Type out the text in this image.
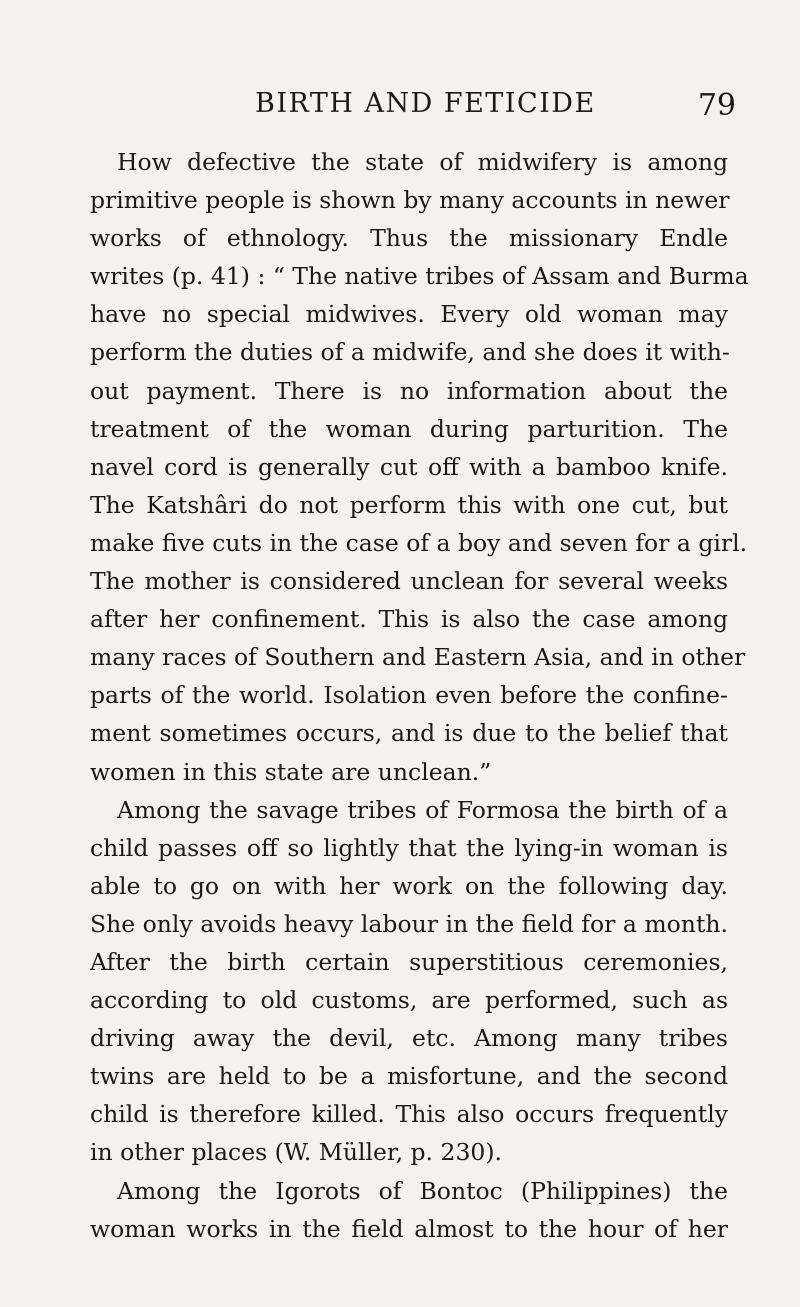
BIRTH AND FETICIDE	79
How defective the state of midwifery is among
primitive people is shown by many accounts in newer
works of ethnology. Thus the missionary Endle
writes (p. 41) : “ The native tribes of Assam and Burma
have no special midwives. Every old woman may
perform the duties of a midwife, and she does it with-
out payment. There is no information about the
treatment of the woman during parturition. The
navel cord is generally cut off with a bamboo knife.
The Katshâri do not perform this with one cut, but
make five cuts in the case of a boy and seven for a girl.
The mother is considered unclean for several weeks
after her confinement. This is also the case among
many races of Southern and Eastern Asia, and in other
parts of the world. Isolation even before the confine-
ment sometimes occurs, and is due to the belief that
women in this state are unclean.”
Among the savage tribes of Formosa the birth of a
child passes off so lightly that the lying-in woman is
able to go on with her work on the following day.
She only avoids heavy labour in the field for a month.
After the birth certain superstitious ceremonies,
according to old customs, are performed, such as
driving away the devil, etc. Among many tribes
twins are held to be a misfortune, and the second
child is therefore killed. This also occurs frequently
in other places (W. Müller, p. 230).
Among the Igorots of Bontoc (Philippines) the
woman works in the field almost to the hour of her
